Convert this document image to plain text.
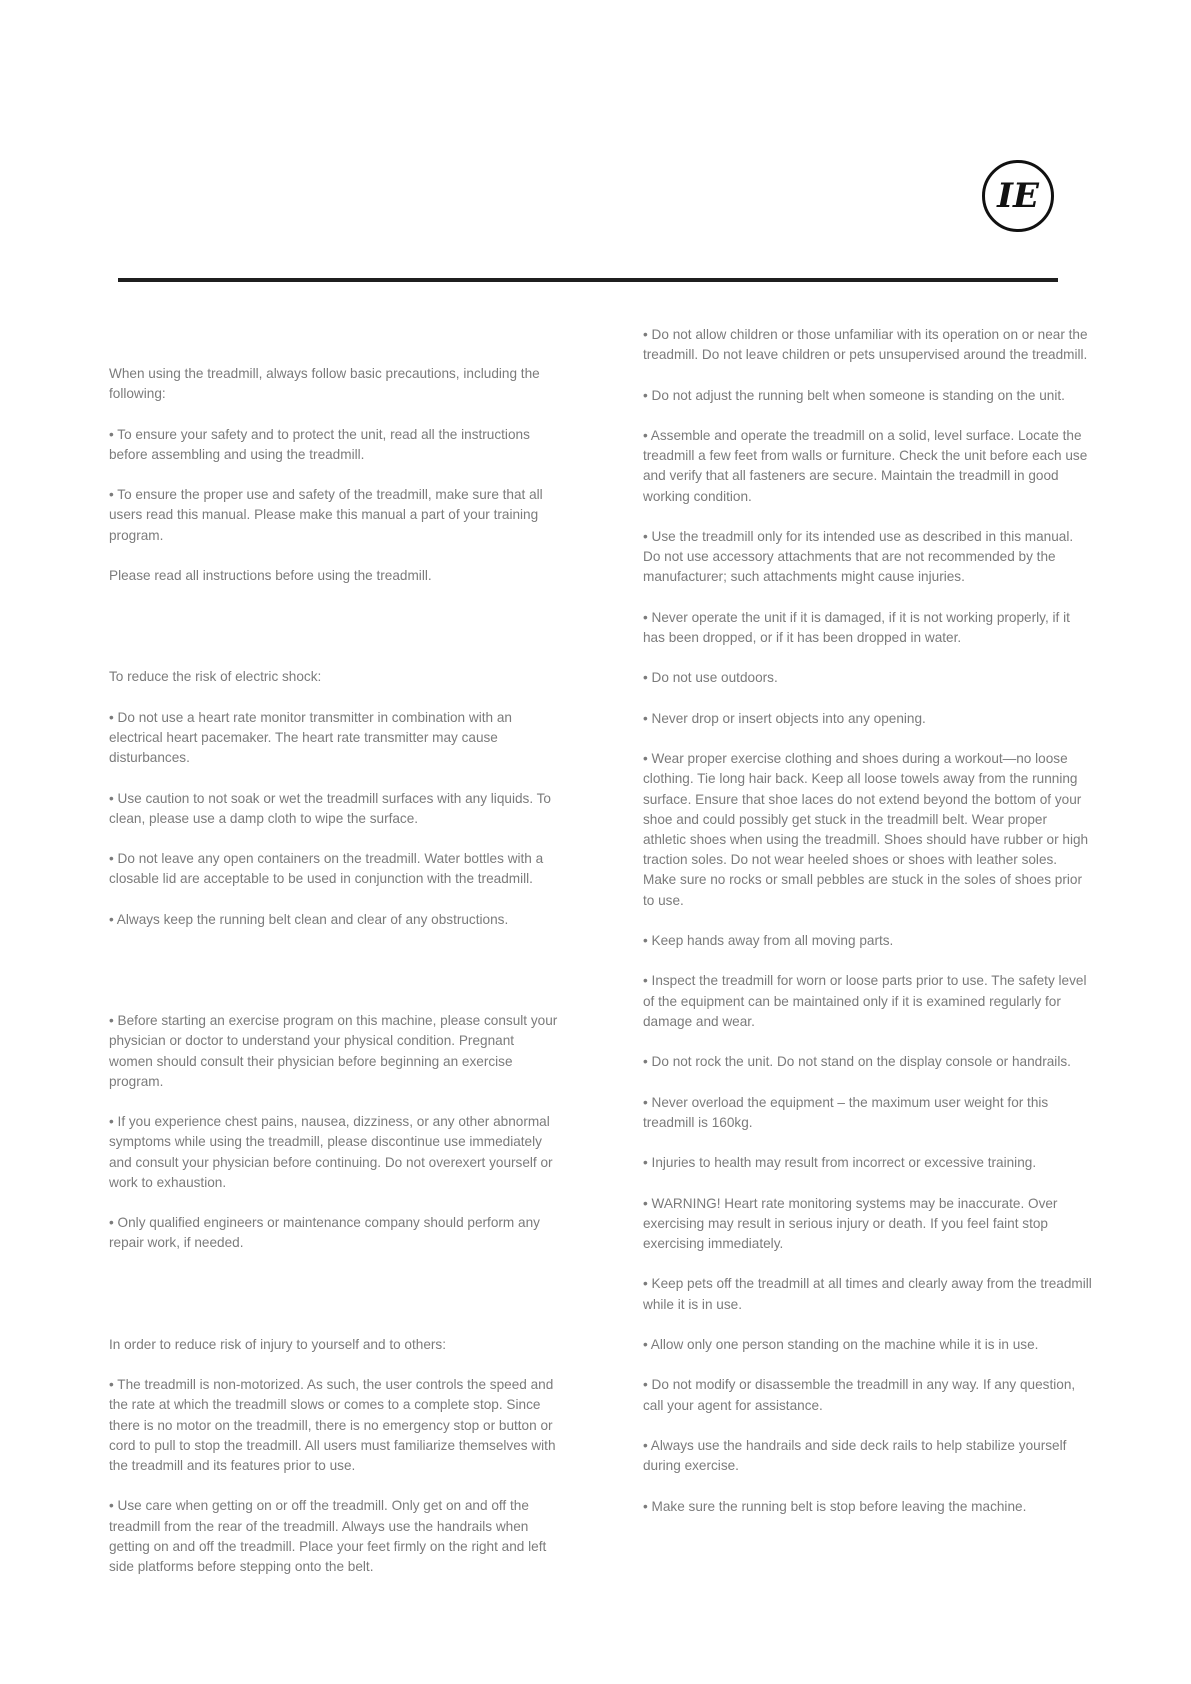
IE

When using the treadmill, always follow basic precautions, including the following:

• To ensure your safety and to protect the unit, read all the instructions before assembling and using the treadmill.

• To ensure the proper use and safety of the treadmill, make sure that all users read this manual. Please make this manual a part of your training program.

Please read all instructions before using the treadmill.

To reduce the risk of electric shock:

• Do not use a heart rate monitor transmitter in combination with an electrical heart pacemaker. The heart rate transmitter may cause disturbances.

• Use caution to not soak or wet the treadmill surfaces with any liquids. To clean, please use a damp cloth to wipe the surface.

• Do not leave any open containers on the treadmill. Water bottles with a closable lid are acceptable to be used in conjunction with the treadmill.

• Always keep the running belt clean and clear of any obstructions.

• Before starting an exercise program on this machine, please consult your physician or doctor to understand your physical condition. Pregnant women should consult their physician before beginning an exercise program.

• If you experience chest pains, nausea, dizziness, or any other abnormal symptoms while using the treadmill, please discontinue use immediately and consult your physician before continuing. Do not overexert yourself or work to exhaustion.

• Only qualified engineers or maintenance company should perform any repair work, if needed.

In order to reduce risk of injury to yourself and to others:

• The treadmill is non-motorized. As such, the user controls the speed and the rate at which the treadmill slows or comes to a complete stop. Since there is no motor on the treadmill, there is no emergency stop or button or cord to pull to stop the treadmill. All users must familiarize themselves with the treadmill and its features prior to use.

• Use care when getting on or off the treadmill. Only get on and off the treadmill from the rear of the treadmill. Always use the handrails when getting on and off the treadmill. Place your feet firmly on the right and left side platforms before stepping onto the belt.

• Do not allow children or those unfamiliar with its operation on or near the treadmill. Do not leave children or pets unsupervised around the treadmill.

• Do not adjust the running belt when someone is standing on the unit.

• Assemble and operate the treadmill on a solid, level surface. Locate the treadmill a few feet from walls or furniture. Check the unit before each use and verify that all fasteners are secure. Maintain the treadmill in good working condition.

• Use the treadmill only for its intended use as described in this manual. Do not use accessory attachments that are not recommended by the manufacturer; such attachments might cause injuries.

• Never operate the unit if it is damaged, if it is not working properly, if it has been dropped, or if it has been dropped in water.

• Do not use outdoors.

• Never drop or insert objects into any opening.

• Wear proper exercise clothing and shoes during a workout—no loose clothing. Tie long hair back. Keep all loose towels away from the running surface. Ensure that shoe laces do not extend beyond the bottom of your shoe and could possibly get stuck in the treadmill belt. Wear proper athletic shoes when using the treadmill. Shoes should have rubber or high traction soles. Do not wear heeled shoes or shoes with leather soles. Make sure no rocks or small pebbles are stuck in the soles of shoes prior to use.

• Keep hands away from all moving parts.

• Inspect the treadmill for worn or loose parts prior to use. The safety level of the equipment can be maintained only if it is examined regularly for damage and wear.

• Do not rock the unit. Do not stand on the display console or handrails.

• Never overload the equipment – the maximum user weight for this treadmill is 160kg.

• Injuries to health may result from incorrect or excessive training.

• WARNING! Heart rate monitoring systems may be inaccurate. Over exercising may result in serious injury or death. If you feel faint stop exercising immediately.

• Keep pets off the treadmill at all times and clearly away from the treadmill while it is in use.

• Allow only one person standing on the machine while it is in use.

• Do not modify or disassemble the treadmill in any way. If any question, call your agent for assistance.

• Always use the handrails and side deck rails to help stabilize yourself during exercise.

• Make sure the running belt is stop before leaving the machine.
